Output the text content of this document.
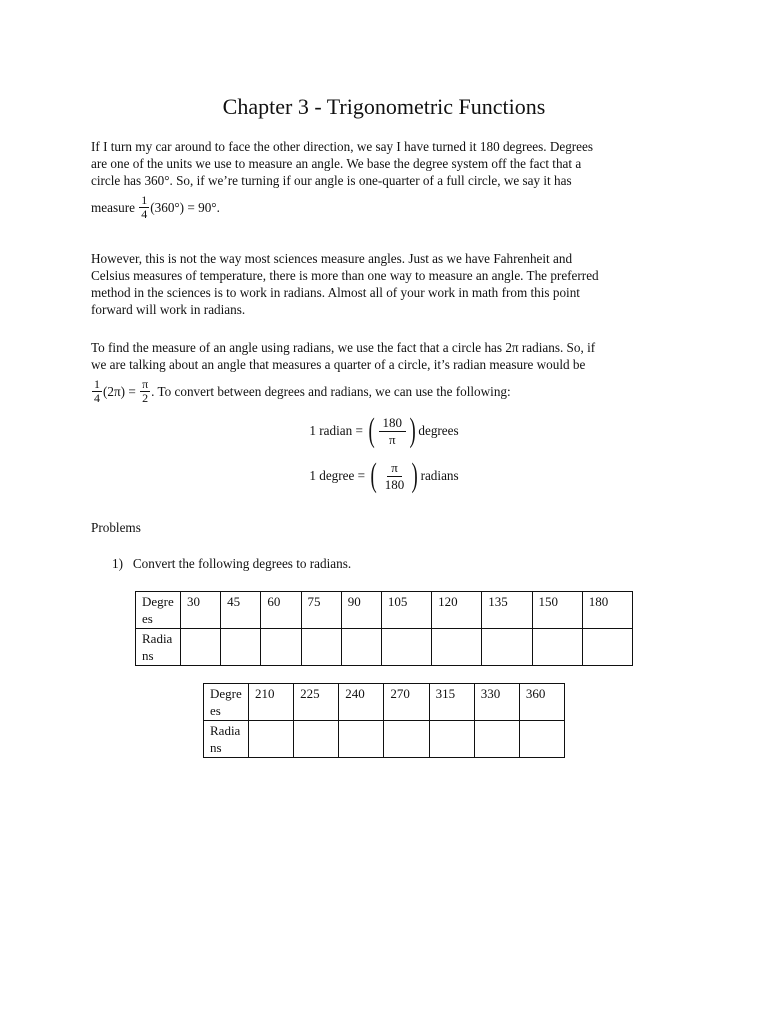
Chapter 3 - Trigonometric Functions
If I turn my car around to face the other direction, we say I have turned it 180 degrees. Degrees
are one of the units we use to measure an angle. We base the degree system off the fact that a
circle has 360°. So, if we’re turning if our angle is one-quarter of a full circle, we say it has
measure
$\frac{1}{4} (360^\circ) = 90^\circ$.
However, this is not the way most sciences measure angles. Just as we have Fahrenheit and
Celsius measures of temperature, there is more than one way to measure an angle. The preferred
method in the sciences is to work in radians. Almost all of your work in math from this point
forward will work in radians.
To find the measure of an angle using radians, we use the fact that a circle has 2π radians. So, if
we are talking about an angle that measures a quarter of a circle, it’s radian measure would be
$\frac{1}{4} (2\pi)$ =
$\frac{\pi}{2}$ . To convert between degrees and radians, we can use the following:
1 radian =
( $\frac{180}{\pi}$ ) degrees
1 degree =
( $\frac{\pi}{180}$ ) radians
Problems
1) Convert the following degrees to radians.
Degrees	30	45	60	75	90	105	120	135	150	180
Radians										
Degrees	210	225	240	270	315	330	360
Radians							
